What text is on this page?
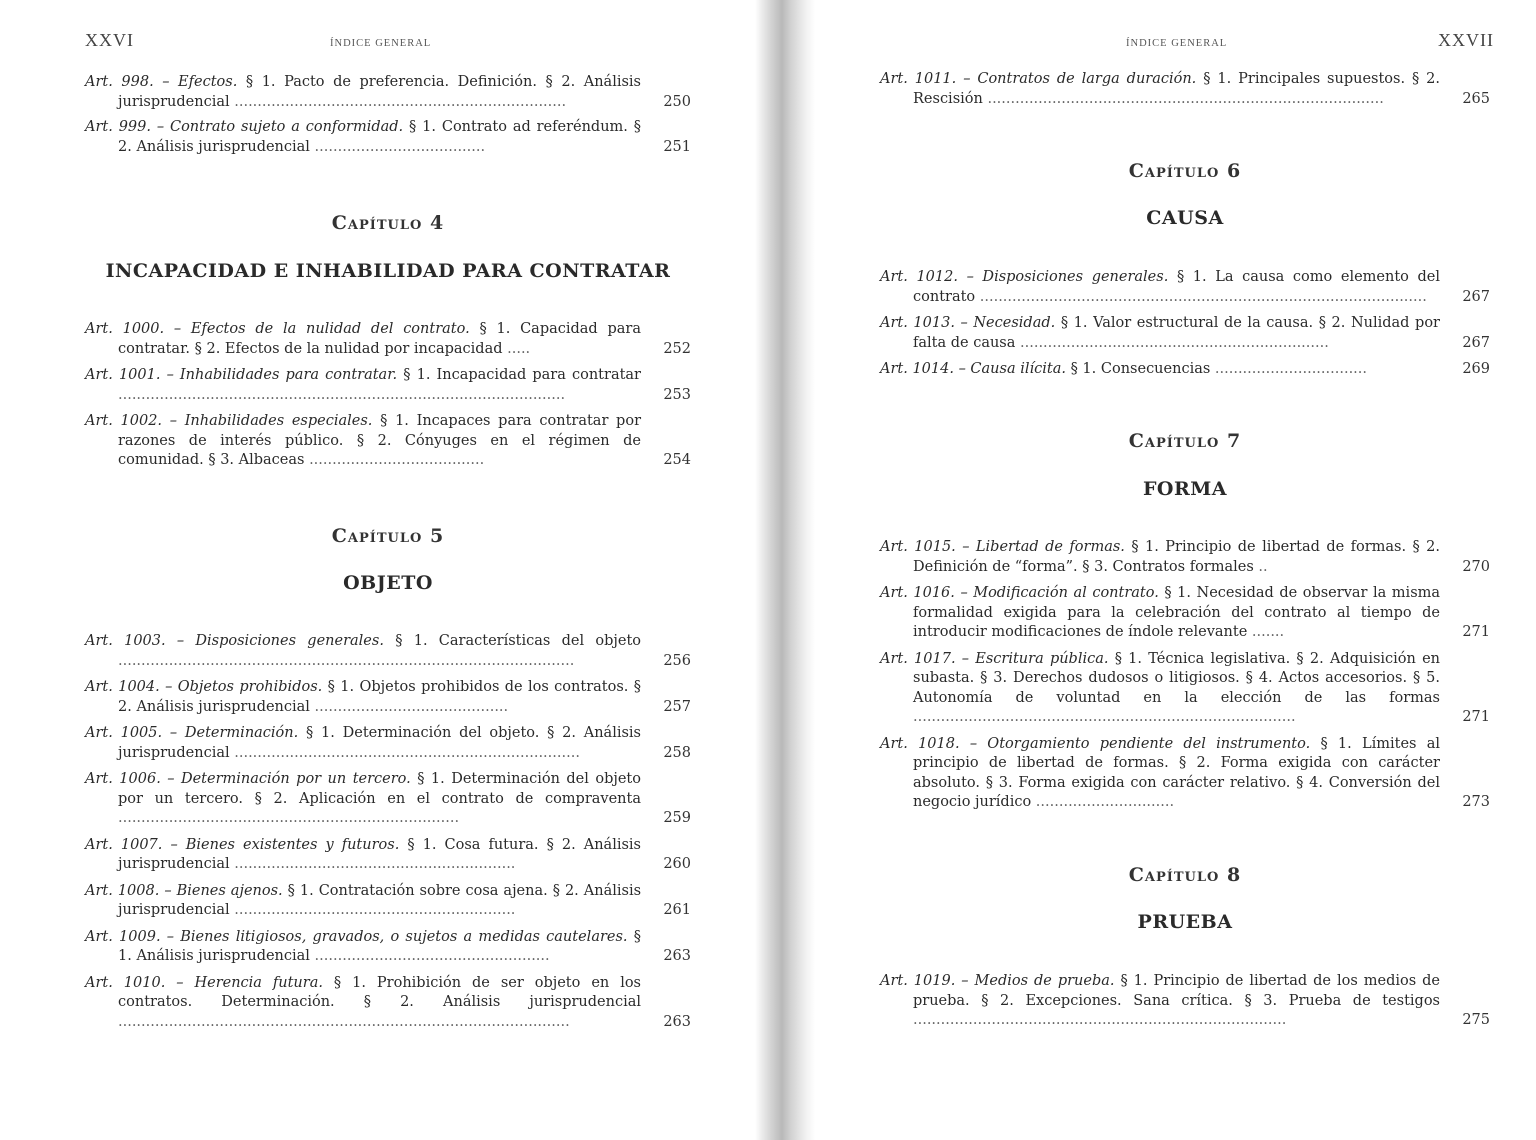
XXVI	ÍNDICE GENERAL
Art. 998. – Efectos. § 1. Pacto de preferencia. Definición. § 2. Análisis jurisprudencial ........................................................................	250
Art. 999. – Contrato sujeto a conformidad. § 1. Contrato ad referéndum. § 2. Análisis jurisprudencial .....................................	251
Capítulo 4
INCAPACIDAD E INHABILIDAD PARA CONTRATAR
Art. 1000. – Efectos de la nulidad del contrato. § 1. Capacidad para contratar. § 2. Efectos de la nulidad por incapacidad .....	252
Art. 1001. – Inhabilidades para contratar. § 1. Incapacidad para contratar .................................................................................................	253
Art. 1002. – Inhabilidades especiales. § 1. Incapaces para contratar por razones de interés público. § 2. Cónyuges en el régimen de comunidad. § 3. Albaceas ......................................	254
Capítulo 5
OBJETO
Art. 1003. – Disposiciones generales. § 1. Características del objeto ...................................................................................................	256
Art. 1004. – Objetos prohibidos. § 1. Objetos prohibidos de los contratos. § 2. Análisis jurisprudencial ..........................................	257
Art. 1005. – Determinación. § 1. Determinación del objeto. § 2. Análisis jurisprudencial ...........................................................................	258
Art. 1006. – Determinación por un tercero. § 1. Determinación del objeto por un tercero. § 2. Aplicación en el contrato de compraventa ..........................................................................	259
Art. 1007. – Bienes existentes y futuros. § 1. Cosa futura. § 2. Análisis jurisprudencial .............................................................	260
Art. 1008. – Bienes ajenos. § 1. Contratación sobre cosa ajena. § 2. Análisis jurisprudencial .............................................................	261
Art. 1009. – Bienes litigiosos, gravados, o sujetos a medidas cautelares. § 1. Análisis jurisprudencial ...................................................	263
Art. 1010. – Herencia futura. § 1. Prohibición de ser objeto en los contratos. Determinación. § 2. Análisis jurisprudencial ..................................................................................................	263
ÍNDICE GENERAL	XXVII
Art. 1011. – Contratos de larga duración. § 1. Principales supuestos. § 2. Rescisión ......................................................................................	265
Capítulo 6
CAUSA
Art. 1012. – Disposiciones generales. § 1. La causa como elemento del contrato .................................................................................................	267
Art. 1013. – Necesidad. § 1. Valor estructural de la causa. § 2. Nulidad por falta de causa ...................................................................	267
Art. 1014. – Causa ilícita. § 1. Consecuencias .................................	269
Capítulo 7
FORMA
Art. 1015. – Libertad de formas. § 1. Principio de libertad de formas. § 2. Definición de “forma”. § 3. Contratos formales ..	270
Art. 1016. – Modificación al contrato. § 1. Necesidad de observar la misma formalidad exigida para la celebración del contrato al tiempo de introducir modificaciones de índole relevante .......	271
Art. 1017. – Escritura pública. § 1. Técnica legislativa. § 2. Adquisición en subasta. § 3. Derechos dudosos o litigiosos. § 4. Actos accesorios. § 5. Autonomía de voluntad en la elección de las formas ...................................................................................	271
Art. 1018. – Otorgamiento pendiente del instrumento. § 1. Límites al principio de libertad de formas. § 2. Forma exigida con carácter absoluto. § 3. Forma exigida con carácter relativo. § 4. Conversión del negocio jurídico ..............................	273
Capítulo 8
PRUEBA
Art. 1019. – Medios de prueba. § 1. Principio de libertad de los medios de prueba. § 2. Excepciones. Sana crítica. § 3. Prueba de testigos .................................................................................	275
